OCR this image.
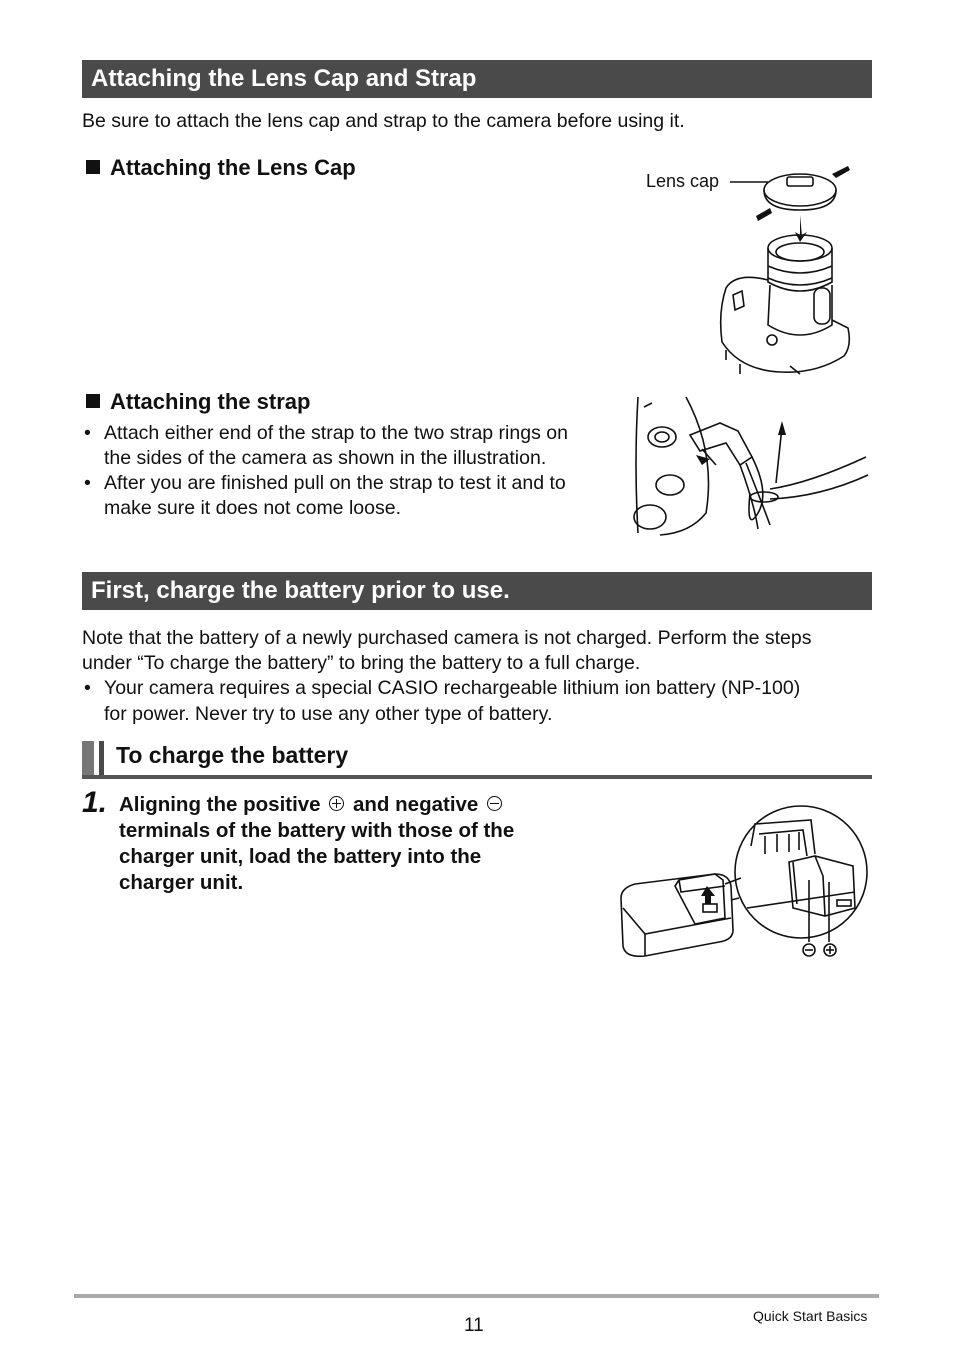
Attaching the Lens Cap and Strap
Be sure to attach the lens cap and strap to the camera before using it.
Attaching the Lens Cap
Lens cap
Attaching the strap
• Attach either end of the strap to the two strap rings on
the sides of the camera as shown in the illustration.
• After you are finished pull on the strap to test it and to
make sure it does not come loose.
First, charge the battery prior to use.
Note that the battery of a newly purchased camera is not charged. Perform the steps
under “To charge the battery” to bring the battery to a full charge.
• Your camera requires a special CASIO rechargeable lithium ion battery (NP-100)
for power. Never try to use any other type of battery.
To charge the battery
1. Aligning the positive and negative
terminals of the battery with those of the
charger unit, load the battery into the
charger unit.
11	Quick Start Basics
